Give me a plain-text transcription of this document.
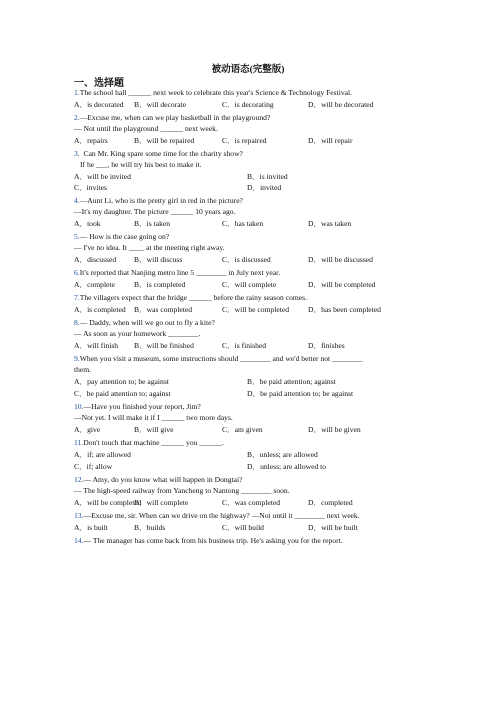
被动语态(完整版)
一、选择题
1.The school hall ______ next week to celebrate this year's Science & Technology Festival.
A．is decorated B．will decorate	C．is decorating	D．will be decorated
2.—Excuse me, when can we play basketball in the playground?
— Not until the playground ______ next week.
A．repairs	B．will be repaired	C．is repaired	D．will repair
3. Can Mr. King spare some time for the charity show?
If he ___, he will try his best to make it.
A．will be invited	B．is invited
C．invites	D．invited
4.—Aunt Li, who is the pretty girl in red in the picture?
—It's my daughter. The picture ______ 10 years ago.
A．took	B．is taken	C．has taken	D．was taken
5.— How is the case going on?
— I've no idea. It ____ at the meeting right away.
A．discussed B．will discuss	C．is discussed	D．will be discussed
6.It's reported that Nanjing metro line 5 ________ in July next year.
A．complete	B．is completed	C．will complete	D．will be completed
7.The villagers expect that the bridge ______ before the rainy season comes.
A．is completed B．was completed	C．will be completed D．has been completed
8.— Daddy, when will we go out to fly a kite?
— As soon as your homework ________.
A．will finish B．will be finished	C．is finished	D．finishes
9.When you visit a museum, some instructions should ________ and we'd better not ________
them.
A．pay attention to; be against	B．be paid attention; against
C．be paid attention to; against	D．be paid attention to; be against
10.—Have you finished your report, Jim?
—Not yet. I will make it if I ______ two more days.
A．give	B．will give	C．am given	D．will be given
11.Don't touch that machine ______ you ______.
A．if; are allowed	B．unless; are allowed
C．if; allow	D．unless; are allowed to
12.— Amy, do you know what will happen in Dongtai?
— The high-speed railway from Yancheng to Nantong ________ soon.
A．will be completed
B．will complete	C．was completed	D．completed
13.—Excuse me, sir. When can we drive on the highway? —Not until it ________ next week.
A．is built	B．builds	C．will build	D．will be built
14.— The manager has come back from his business trip. He's asking you for the report.
